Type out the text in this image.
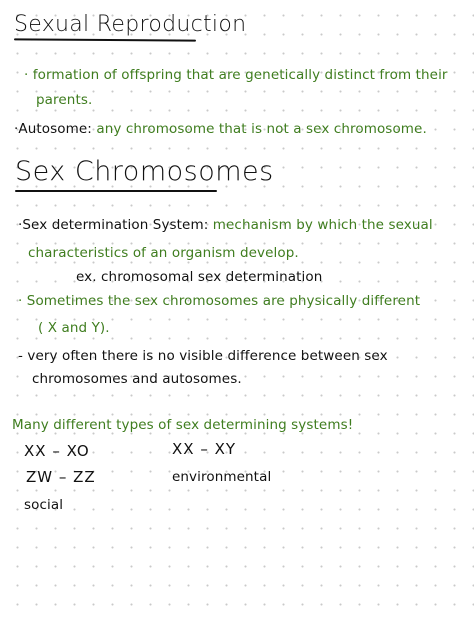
Sexual Reproduction
· formation of offspring that are genetically distinct from their
parents.
·Autosome: any chromosome that is not a sex chromosome.
Sex Chromosomes
·Sex determination System: mechanism by which the sexual
characteristics of an organism develop.
ex. chromosomal sex determination
· Sometimes the sex chromosomes are physically different
( X and Y).
- very often there is no visible difference between sex
chromosomes and autosomes.
Many different types of sex determining systems!
XX – XO	XX – XY
ZW – ZZ	environmental
social
